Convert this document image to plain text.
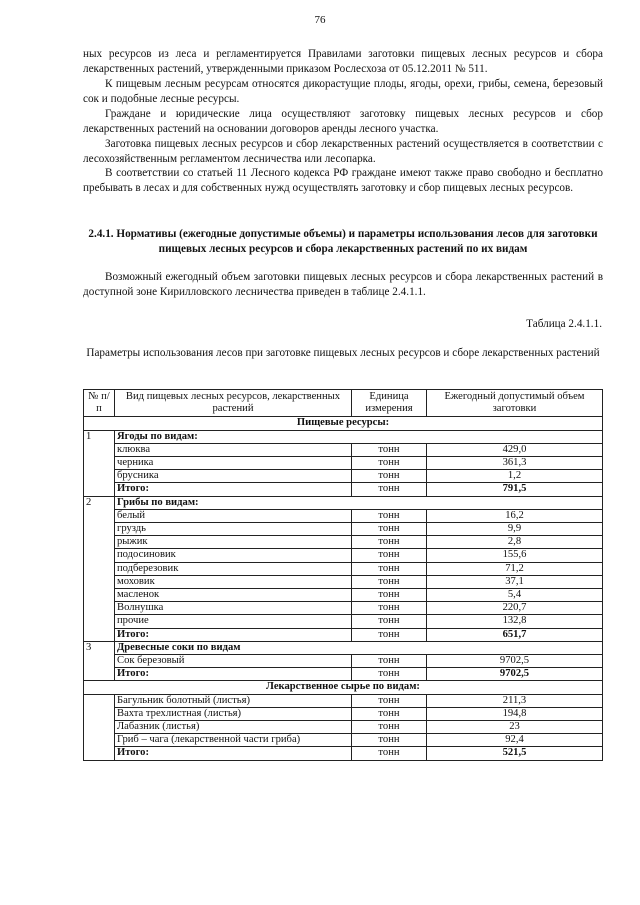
76

ных ресурсов из леса и регламентируется Правилами заготовки пищевых лесных ресурсов и сбора лекарственных растений, утвержденными приказом Рослесхоза от 05.12.2011 № 511.

К пищевым лесным ресурсам относятся дикорастущие плоды, ягоды, орехи, грибы, семена, березовый сок и подобные лесные ресурсы.

Граждане и юридические лица осуществляют заготовку пищевых лесных ресурсов и сбор лекарственных растений на основании договоров аренды лесного участка.

Заготовка пищевых лесных ресурсов и сбор лекарственных растений осуществляется в соответствии с лесохозяйственным регламентом лесничества или лесопарка.

В соответствии со статьей 11 Лесного кодекса РФ граждане имеют также право свободно и бесплатно пребывать в лесах и для собственных нужд осуществлять заготовку и сбор пищевых лесных ресурсов.

2.4.1. Нормативы (ежегодные допустимые объемы) и параметры использования лесов для заготовки пищевых лесных ресурсов и сбора лекарственных растений по их видам

Возможный ежегодный объем заготовки пищевых лесных ресурсов и сбора лекарственных растений в доступной зоне Кирилловского лесничества приведен в таблице 2.4.1.1.

Таблица 2.4.1.1.
Параметры использования лесов при заготовке пищевых лесных ресурсов и сборе лекарственных растений
№ п/п	Вид пищевых лесных ресурсов, лекарственных растений	Единица измерения	Ежегодный допустимый объем заготовки
Пищевые ресурсы:			
1	Ягоды по видам:		
	клюква	тонн	429,0
	черника	тонн	361,3
	брусника	тонн	1,2
	Итого:	тонн	791,5
2	Грибы по видам:		
	белый	тонн	16,2
	груздь	тонн	9,9
	рыжик	тонн	2,8
	подосиновик	тонн	155,6
	подберезовик	тонн	71,2
	моховик	тонн	37,1
	масленок	тонн	5,4
	Волнушка	тонн	220,7
	прочие	тонн	132,8
	Итого:	тонн	651,7
3	Древесные соки по видам		
	Сок березовый	тонн	9702,5
	Итого:	тонн	9702,5
Лекарственное сырье по видам:			
	Багульник болотный (листья)	тонн	211,3
	Вахта трехлистная (листья)	тонн	194,8
	Лабазник (листья)	тонн	23
	Гриб – чага (лекарственной части гриба)	тонн	92,4
	Итого:	тонн	521,5
